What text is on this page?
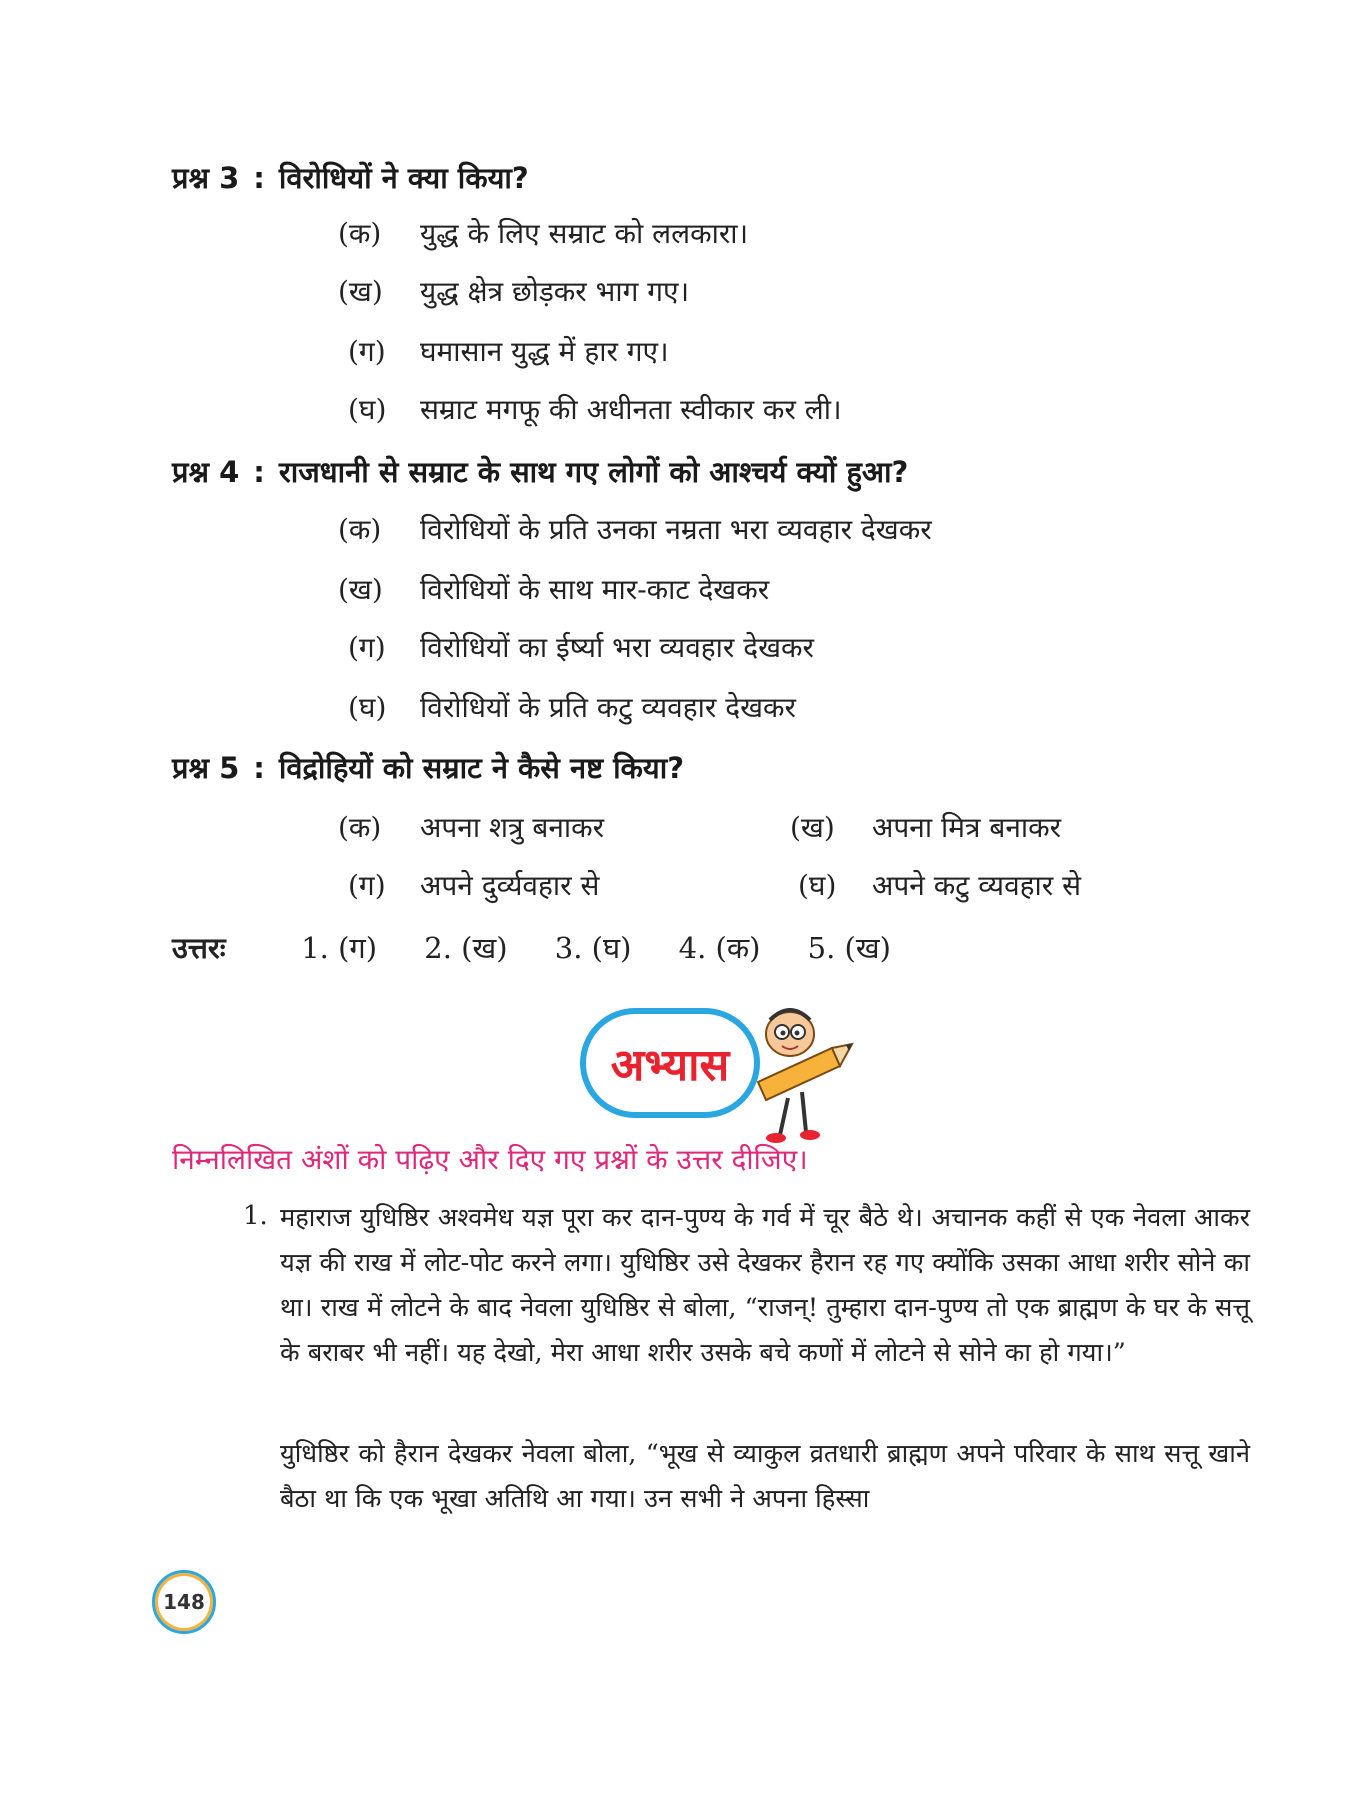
प्रश्न 3 : विरोधियों ने क्या किया?
(क) युद्ध के लिए सम्राट को ललकारा।
(ख) युद्ध क्षेत्र छोड़कर भाग गए।
(ग) घमासान युद्ध में हार गए।
(घ) सम्राट मगफू की अधीनता स्वीकार कर ली।
प्रश्न 4 : राजधानी से सम्राट के साथ गए लोगों को आश्चर्य क्यों हुआ?
(क) विरोधियों के प्रति उनका नम्रता भरा व्यवहार देखकर
(ख) विरोधियों के साथ मार-काट देखकर
(ग) विरोधियों का ईर्ष्या भरा व्यवहार देखकर
(घ) विरोधियों के प्रति कटु व्यवहार देखकर
प्रश्न 5 : विद्रोहियों को सम्राट ने कैसे नष्ट किया?
(क) अपना शत्रु बनाकर	(ख) अपना मित्र बनाकर
(ग) अपने दुर्व्यवहार से	(घ) अपने कटु व्यवहार से
उत्तरः	1. (ग) 2. (ख) 3. (घ) 4. (क) 5. (ख)
अभ्यास
निम्नलिखित अंशों को पढ़िए और दिए गए प्रश्नों के उत्तर दीजिए।
1. महाराज युधिष्ठिर अश्वमेध यज्ञ पूरा कर दान-पुण्य के गर्व में चूर बैठे थे। अचानक कहीं से एक नेवला आकर यज्ञ की राख में लोट-पोट करने लगा। युधिष्ठिर उसे देखकर हैरान रह गए क्योंकि उसका आधा शरीर सोने का था। राख में लोटने के बाद नेवला युधिष्ठिर से बोला, “राजन्! तुम्हारा दान-पुण्य तो एक ब्राह्मण के घर के सत्तू के बराबर भी नहीं। यह देखो, मेरा आधा शरीर उसके बचे कणों में लोटने से सोने का हो गया।”
युधिष्ठिर को हैरान देखकर नेवला बोला, “भूख से व्याकुल व्रतधारी ब्राह्मण अपने परिवार के साथ सत्तू खाने बैठा था कि एक भूखा अतिथि आ गया। उन सभी ने अपना हिस्सा
148
